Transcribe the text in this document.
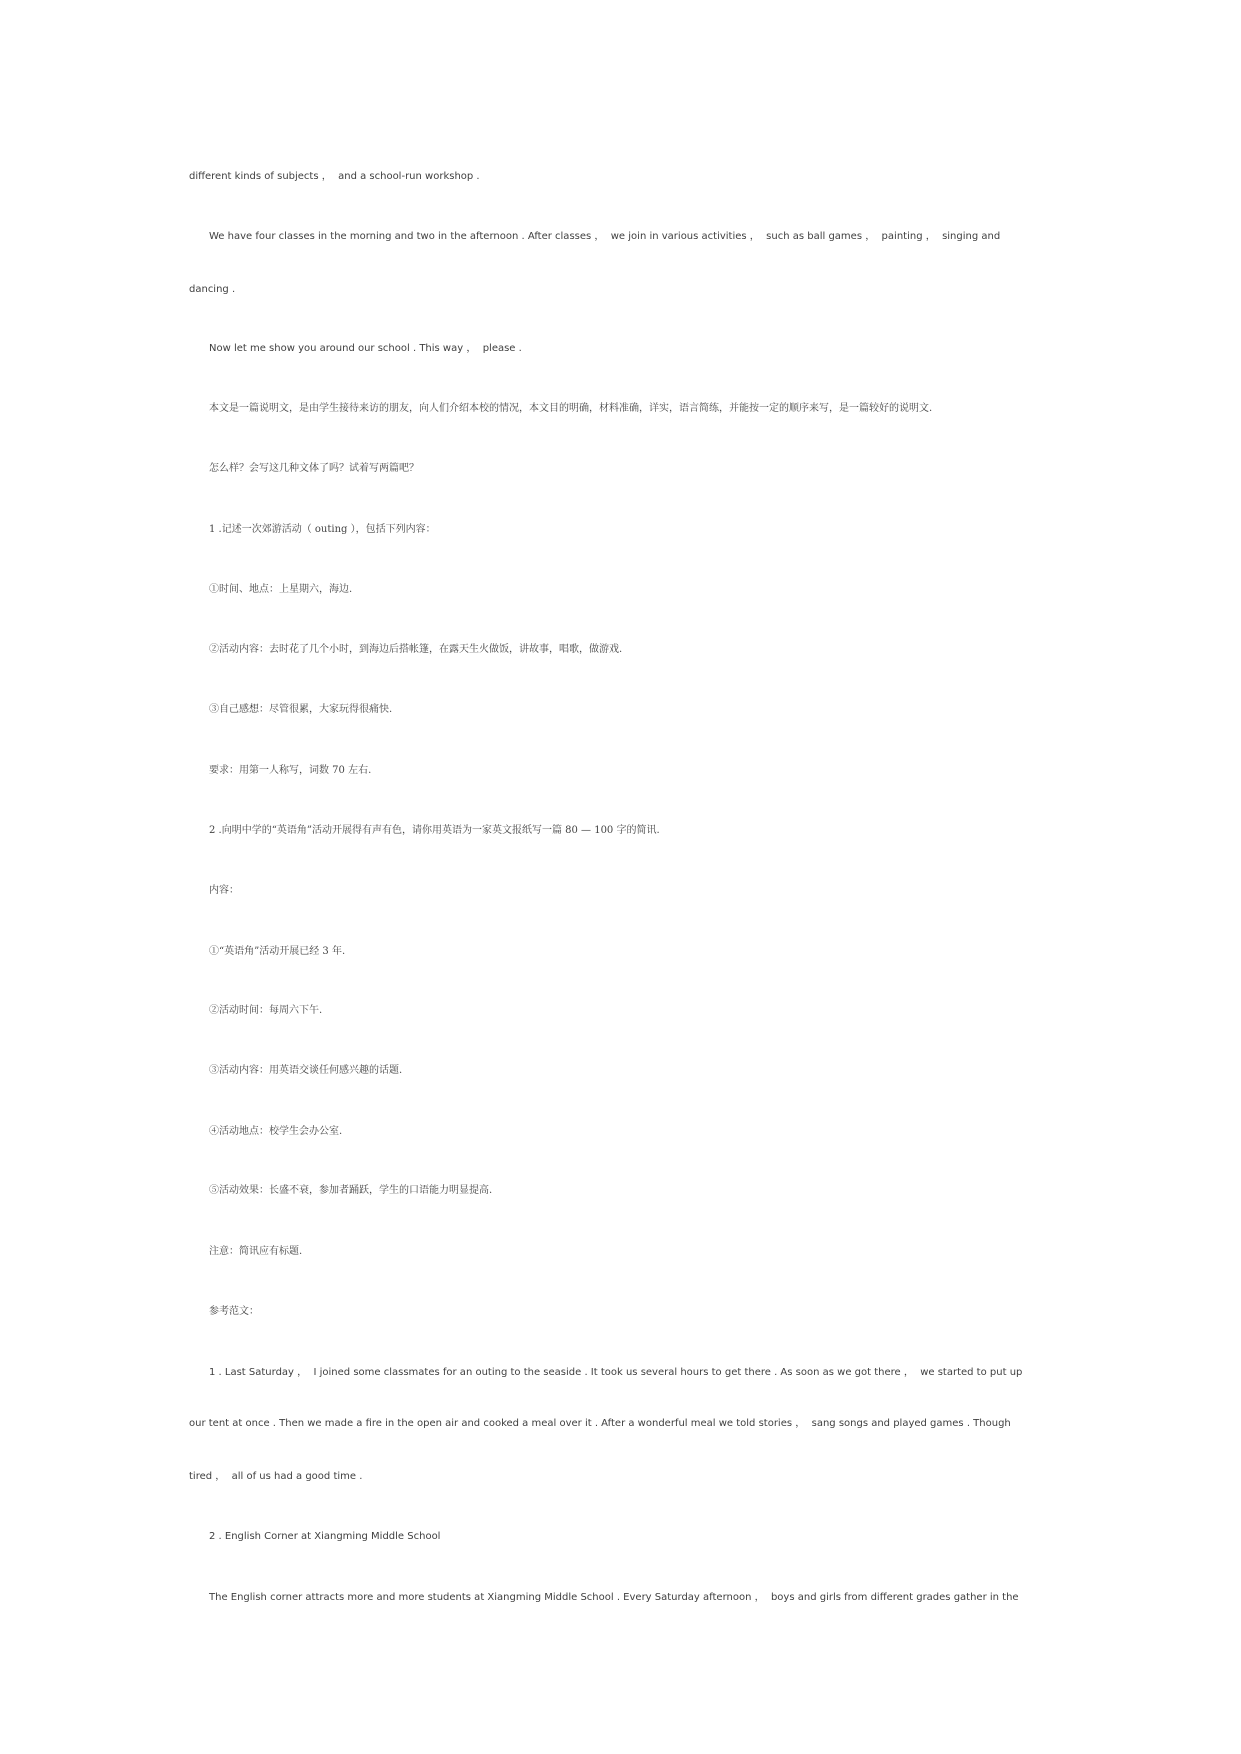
different kinds of subjects ，  and a school-run workshop .
We have four classes in the morning and two in the afternoon . After classes ，  we join in various activities ，  such as ball games ，  painting ，  singing and
dancing .
Now let me show you around our school . This way ，  please .
本文是一篇说明文，是由学生接待来访的朋友，向人们介绍本校的情况，本文目的明确，材料准确，详实，语言简练，并能按一定的顺序来写，是一篇较好的说明文.
怎么样？会写这几种文体了吗？试着写两篇吧？
1 .记述一次郊游活动（ outing ），包括下列内容：
①时间、地点：上星期六，海边.
②活动内容：去时花了几个小时，到海边后搭帐篷，在露天生火做饭，讲故事，唱歌，做游戏.
③自己感想：尽管很累，大家玩得很痛快.
要求：用第一人称写，词数 70 左右.
2 .向明中学的“英语角”活动开展得有声有色，请你用英语为一家英文报纸写一篇 80 — 100 字的简讯.
内容：
①“英语角”活动开展已经 3 年.
②活动时间：每周六下午.
③活动内容：用英语交谈任何感兴趣的话题.
④活动地点：校学生会办公室.
⑤活动效果：长盛不衰，参加者踊跃，学生的口语能力明显提高.
注意：简讯应有标题.
参考范文：
1 . Last Saturday ，  I joined some classmates for an outing to the seaside . It took us several hours to get there . As soon as we got there ，  we started to put up
our tent at once . Then we made a fire in the open air and cooked a meal over it . After a wonderful meal we told stories ，  sang songs and played games . Though
tired ，  all of us had a good time .
2 . English Corner at Xiangming Middle School
The English corner attracts more and more students at Xiangming Middle School . Every Saturday afternoon ，  boys and girls from different grades gather in the
